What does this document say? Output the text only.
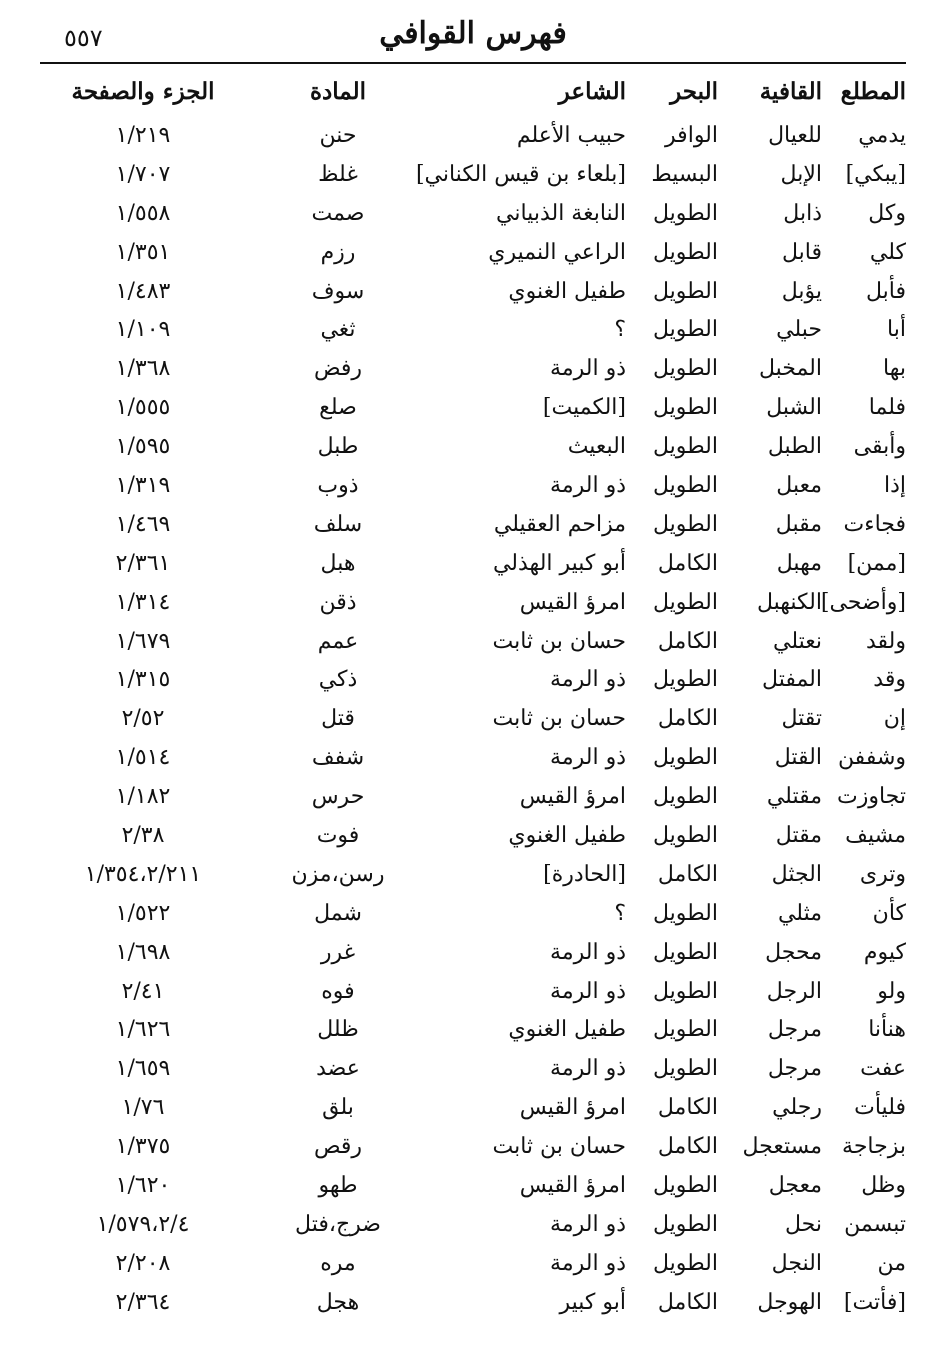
فهرس القوافي
٥٥٧
المطلع
القافية
البحر
الشاعر
المادة
الجزء والصفحة
يدمي
للعيال
الوافر
حبيب الأعلم
حنن
١/٢١٩
[يبكي]
الإبل
البسيط
[بلعاء بن قيس الكناني]
غلظ
١/٧٠٧
وكل
ذابل
الطويل
النابغة الذبياني
صمت
١/٥٥٨
كلي
قابل
الطويل
الراعي النميري
رزم
١/٣٥١
فأبل
يؤبل
الطويل
طفيل الغنوي
سوف
١/٤٨٣
أبا
حبلي
الطويل
؟
ثغي
١/١٠٩
بها
المخبل
الطويل
ذو الرمة
رفض
١/٣٦٨
فلما
الشبل
الطويل
[الكميت]
صلع
١/٥٥٥
وأبقى
الطبل
الطويل
البعيث
طبل
١/٥٩٥
إذا
معبل
الطويل
ذو الرمة
ذوب
١/٣١٩
فجاءت
مقبل
الطويل
مزاحم العقيلي
سلف
١/٤٦٩
[ممن]
مهبل
الكامل
أبو كبير الهذلي
هبل
٢/٣٦١
[وأضحى]
الكنهبل
الطويل
امرؤ القيس
ذقن
١/٣١٤
ولقد
نعتلي
الكامل
حسان بن ثابت
عمم
١/٦٧٩
وقد
المفتل
الطويل
ذو الرمة
ذكي
١/٣١٥
إن
تقتل
الكامل
حسان بن ثابت
قتل
٢/٥٢
وشففن
القتل
الطويل
ذو الرمة
شفف
١/٥١٤
تجاوزت
مقتلي
الطويل
امرؤ القيس
حرس
١/١٨٢
مشيف
مقتل
الطويل
طفيل الغنوي
فوت
٢/٣٨
وترى
الجثل
الكامل
[الحادرة]
رسن،مزن
١/٣٥٤،٢/٢١١
كأن
مثلي
الطويل
؟
شمل
١/٥٢٢
كيوم
محجل
الطويل
ذو الرمة
غرر
١/٦٩٨
ولو
الرجل
الطويل
ذو الرمة
فوه
٢/٤١
هنأنا
مرجل
الطويل
طفيل الغنوي
ظلل
١/٦٢٦
عفت
مرجل
الطويل
ذو الرمة
عضد
١/٦٥٩
فليأت
رجلي
الكامل
امرؤ القيس
بلق
١/٧٦
بزجاجة
مستعجل
الكامل
حسان بن ثابت
رقص
١/٣٧٥
وظل
معجل
الطويل
امرؤ القيس
طهو
١/٦٢٠
تبسمن
نحل
الطويل
ذو الرمة
ضرج،فتل
١/٥٧٩،٢/٤
من
النجل
الطويل
ذو الرمة
مره
٢/٢٠٨
[فأتت]
الهوجل
الكامل
أبو كبير
هجل
٢/٣٦٤
